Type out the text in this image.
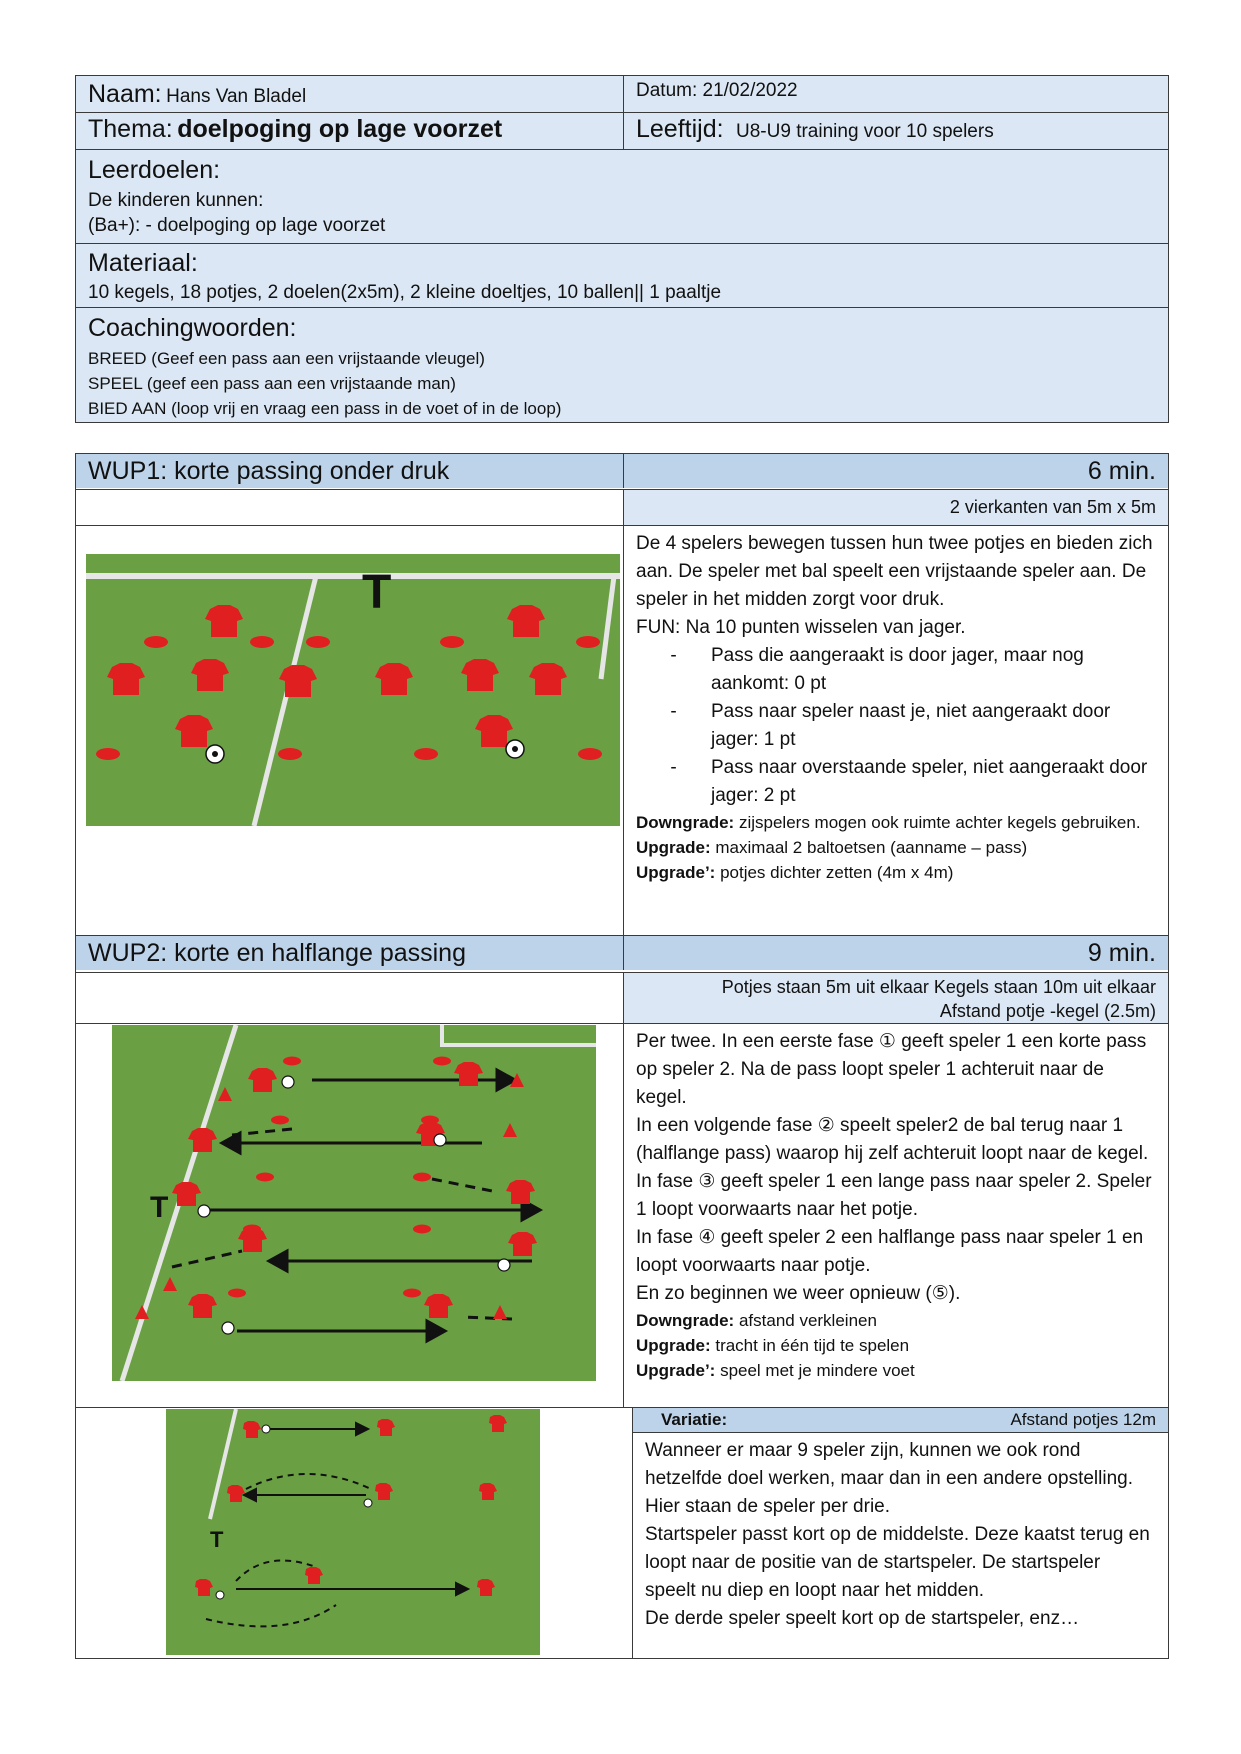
Naam: Hans Van Bladel	Datum: 21/02/2022
Thema: doelpoging op lage voorzet	Leeftijd: U8-U9 training voor 10 spelers
Leerdoelen:
De kinderen kunnen:
(Ba+): - doelpoging op lage voorzet
Materiaal:
10 kegels, 18 potjes, 2 doelen(2x5m), 2 kleine doeltjes, 10 ballen|| 1 paaltje
Coachingwoorden:
BREED (Geef een pass aan een vrijstaande vleugel)
SPEEL (geef een pass aan een vrijstaande man)
BIED AAN (loop vrij en vraag een pass in de voet of in de loop)
WUP1: korte passing onder druk	6 min.
2 vierkanten van 5m x 5m
T
De 4 spelers bewegen tussen hun twee potjes en bieden zich aan. De speler met bal speelt een vrijstaande speler aan. De speler in het midden zorgt voor druk.
FUN: Na 10 punten wisselen van jager.
-	Pass die aangeraakt is door jager, maar nog aankomt: 0 pt
-	Pass naar speler naast je, niet aangeraakt door jager: 1 pt
-	Pass naar overstaande speler, niet aangeraakt door jager: 2 pt
Downgrade: zijspelers mogen ook ruimte achter kegels gebruiken.
Upgrade: maximaal 2 baltoetsen (aanname – pass)
Upgrade’: potjes dichter zetten (4m x 4m)
WUP2: korte en halflange passing	9 min.
Potjes staan 5m uit elkaar Kegels staan 10m uit elkaar
Afstand potje -kegel (2.5m)
T
Per twee. In een eerste fase ① geeft speler 1 een korte pass op speler 2. Na de pass loopt speler 1 achteruit naar de kegel.
In een volgende fase ② speelt speler2 de bal terug naar 1 (halflange pass) waarop hij zelf achteruit loopt naar de kegel.
In fase ③ geeft speler 1 een lange pass naar speler 2. Speler 1 loopt voorwaarts naar het potje.
In fase ④ geeft speler 2 een halflange pass naar speler 1 en loopt voorwaarts naar potje.
En zo beginnen we weer opnieuw (⑤).
Downgrade: afstand verkleinen
Upgrade: tracht in één tijd te spelen
Upgrade’: speel met je mindere voet
T
Variatie:	Afstand potjes 12m
Wanneer er maar 9 speler zijn, kunnen we ook rond hetzelfde doel werken, maar dan in een andere opstelling.
Hier staan de speler per drie.
Startspeler passt kort op de middelste. Deze kaatst terug en loopt naar de positie van de startspeler. De startspeler speelt nu diep en loopt naar het midden.
De derde speler speelt kort op de startspeler, enz…
